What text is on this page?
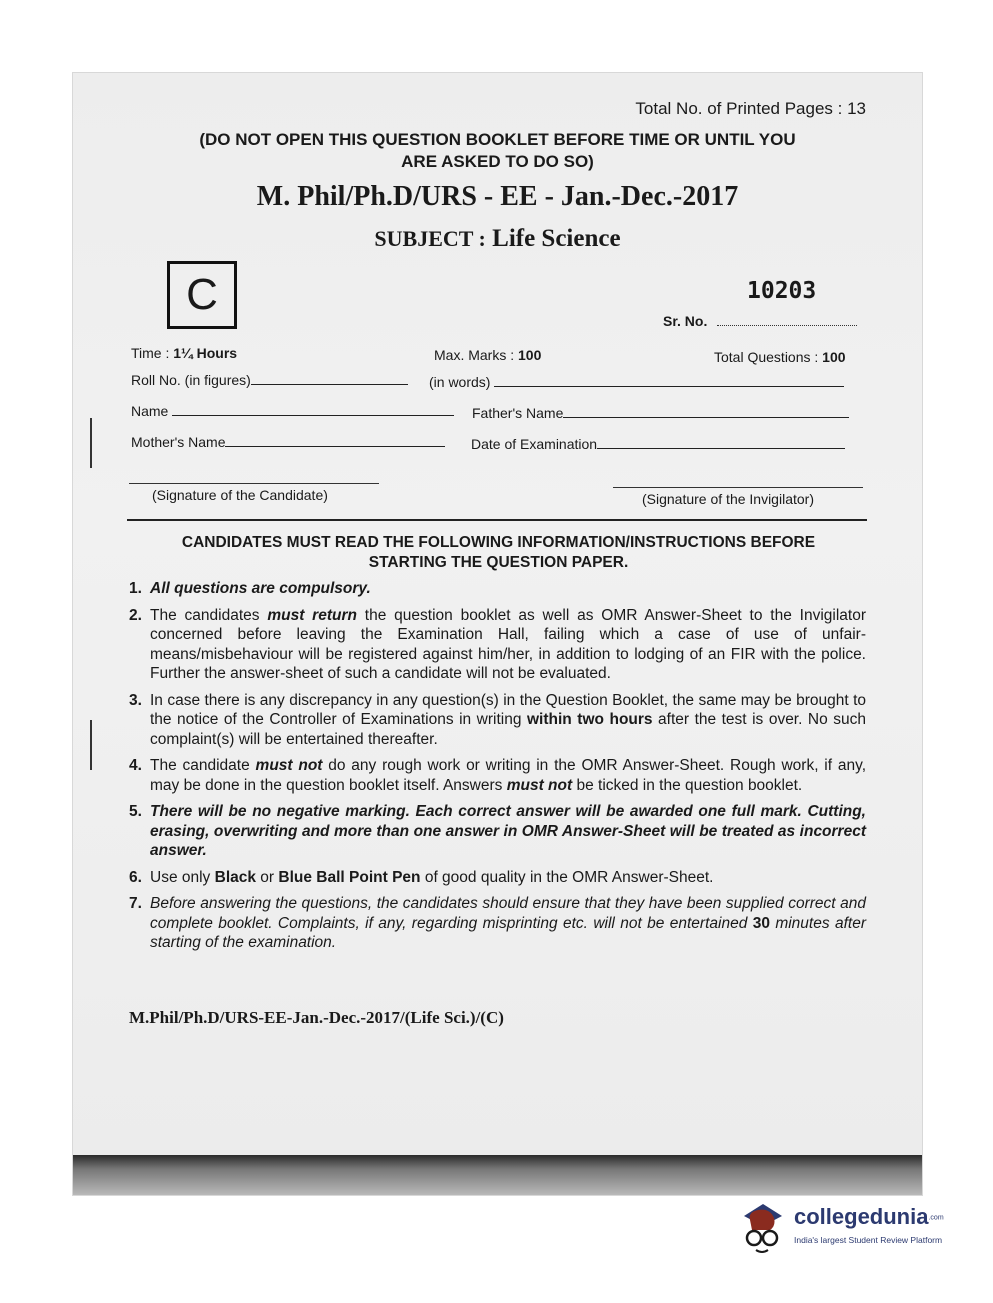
Total No. of Printed Pages : 13
(DO NOT OPEN THIS QUESTION BOOKLET BEFORE TIME OR UNTIL YOU
ARE ASKED TO DO SO)
M. Phil/Ph.D/URS - EE - Jan.-Dec.-2017
SUBJECT : Life Science
C	10203
Sr. No.
Time : 1¼ Hours	Max. Marks : 100	Total Questions : 100
Roll No. (in figures)	(in words)
Name	Father's Name
Mother's Name	Date of Examination
(Signature of the Candidate)	(Signature of the Invigilator)
CANDIDATES MUST READ THE FOLLOWING INFORMATION/INSTRUCTIONS BEFORE
STARTING THE QUESTION PAPER.
1. All questions are compulsory.
2. The candidates must return the question booklet as well as OMR Answer-Sheet to the Invigilator concerned before leaving the Examination Hall, failing which a case of use of unfair-means/misbehaviour will be registered against him/her, in addition to lodging of an FIR with the police. Further the answer-sheet of such a candidate will not be evaluated.
3. In case there is any discrepancy in any question(s) in the Question Booklet, the same may be brought to the notice of the Controller of Examinations in writing within two hours after the test is over. No such complaint(s) will be entertained thereafter.
4. The candidate must not do any rough work or writing in the OMR Answer-Sheet. Rough work, if any, may be done in the question booklet itself. Answers must not be ticked in the question booklet.
5. There will be no negative marking. Each correct answer will be awarded one full mark. Cutting, erasing, overwriting and more than one answer in OMR Answer-Sheet will be treated as incorrect answer.
6. Use only Black or Blue Ball Point Pen of good quality in the OMR Answer-Sheet.
7. Before answering the questions, the candidates should ensure that they have been supplied correct and complete booklet. Complaints, if any, regarding misprinting etc. will not be entertained 30 minutes after starting of the examination.
M.Phil/Ph.D/URS-EE-Jan.-Dec.-2017/(Life Sci.)/(C)
collegedunia.com
India's largest Student Review Platform
